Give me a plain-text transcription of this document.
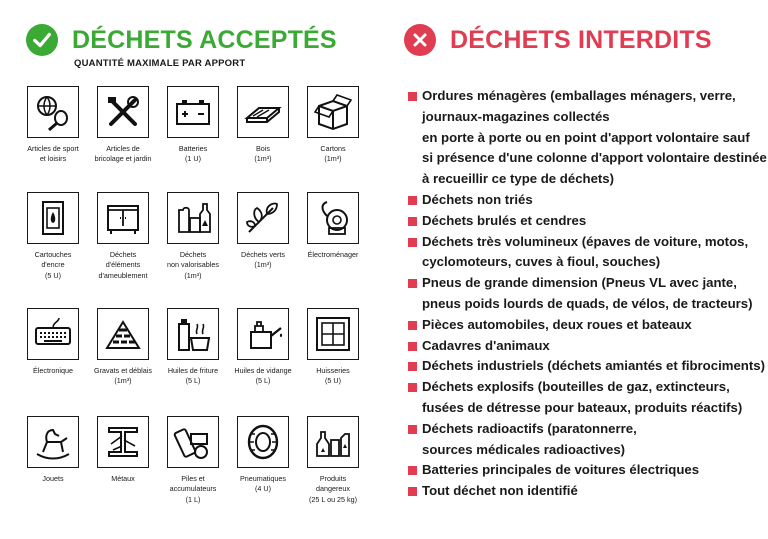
DÉCHETS ACCEPTÉS
QUANTITÉ MAXIMALE PAR APPORT
Articles de sport
et loisirs
Articles de
bricolage et jardin
Batteries
(1 U)
Bois
(1m³)
Cartons
(1m³)
Cartouches
d'encre
(5 U)
Déchets
d'éléments
d'ameublement
Déchets
non valorisables
(1m³)
Déchets verts
(1m³)
Électroménager
Électronique	Gravats et déblais
(1m³)
Huiles de friture
(5 L)
Huiles de vidange
(5 L)
Huisseries
(5 U)
Jouets	Métaux	Piles et
accumulateurs
(1 L)
Pneumatiques
(4 U)
Produits
dangereux
(25 L ou 25 kg)
DÉCHETS INTERDITS
Ordures ménagères (emballages ménagers, verre,
journaux-magazines collectés
en porte à porte ou en point d'apport volontaire sauf
si présence d'une colonne d'apport volontaire destinée
à recueillir ce type de déchets)
Déchets non triés
Déchets brulés et cendres
Déchets très volumineux (épaves de voiture, motos,
cyclomoteurs, cuves à fioul, souches)
Pneus de grande dimension (Pneus VL avec jante,
pneus poids lourds de quads, de vélos, de tracteurs)
Pièces automobiles, deux roues et bateaux
Cadavres d'animaux
Déchets industriels (déchets amiantés et fibrociments)
Déchets explosifs (bouteilles de gaz, extincteurs,
fusées de détresse pour bateaux, produits réactifs)
Déchets radioactifs (paratonnerre,
sources médicales radioactives)
Batteries principales de voitures électriques
Tout déchet non identifié
